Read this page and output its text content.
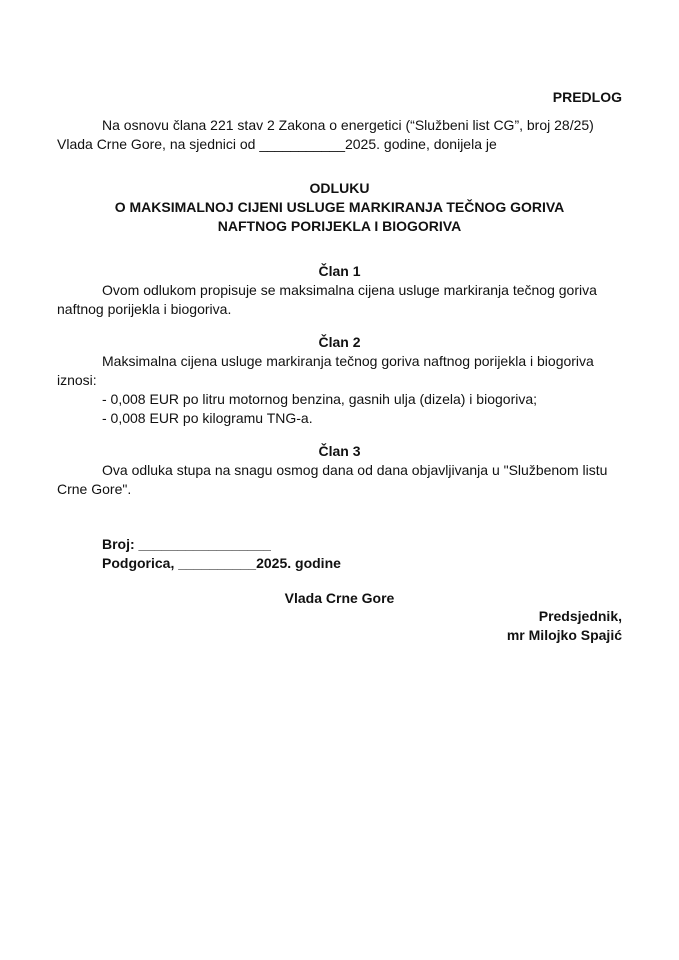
PREDLOG
Na osnovu člana 221 stav 2 Zakona o energetici (“Službeni list CG”, broj 28/25)
Vlada Crne Gore, na sjednici od ___________2025. godine, donijela je
ODLUKU
O MAKSIMALNOJ CIJENI USLUGE MARKIRANJA TEČNOG GORIVA
NAFTNOG PORIJEKLA I BIOGORIVA
Član 1
Ovom odlukom propisuje se maksimalna cijena usluge markiranja tečnog goriva
naftnog porijekla i biogoriva.
Član 2
Maksimalna cijena usluge markiranja tečnog goriva naftnog porijekla i biogoriva
iznosi:
- 0,008 EUR po litru motornog benzina, gasnih ulja (dizela) i biogoriva;
- 0,008 EUR po kilogramu TNG-a.
Član 3
Ova odluka stupa na snagu osmog dana od dana objavljivanja u "Službenom listu
Crne Gore".
Broj: _________________
Podgorica, __________2025. godine
Vlada Crne Gore
Predsjednik,
mr Milojko Spajić
